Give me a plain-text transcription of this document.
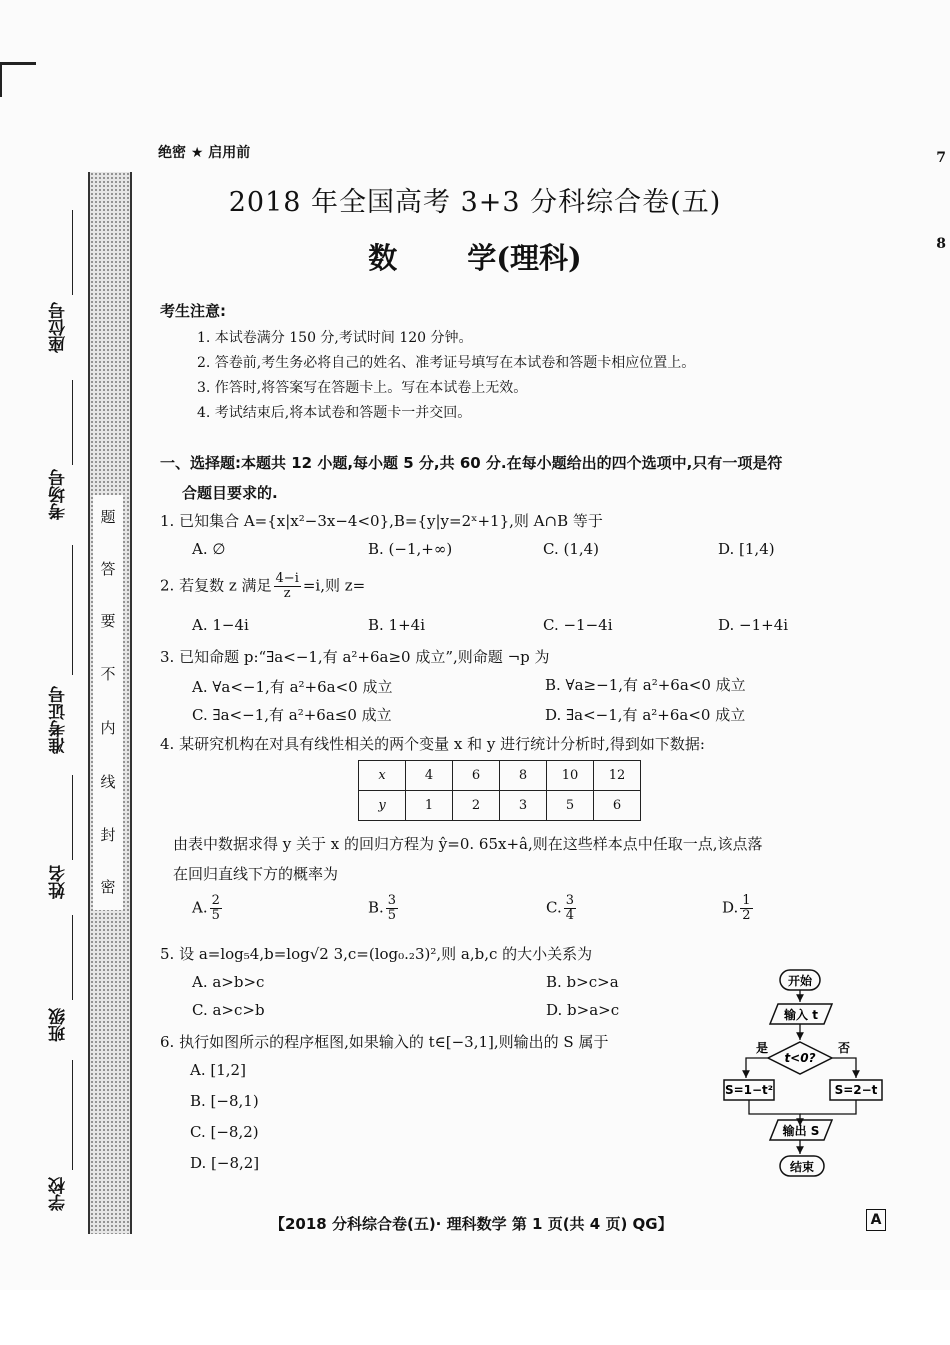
7
8
题
答
要
不
内
线
封
密
座位号
考场号
准考证号
姓名
班级
学校
绝密 ★ 启用前
2018 年全国高考 3+3 分科综合卷(五)
数 学(理科)
考生注意:
1. 本试卷满分 150 分,考试时间 120 分钟。
2. 答卷前,考生务必将自己的姓名、准考证号填写在本试卷和答题卡相应位置上。
3. 作答时,将答案写在答题卡上。写在本试卷上无效。
4. 考试结束后,将本试卷和答题卡一并交回。
一、选择题:本题共 12 小题,每小题 5 分,共 60 分.在每小题给出的四个选项中,只有一项是符
合题目要求的.
1. 已知集合 A={x|x²−3x−4<0},B={y|y=2ˣ+1},则 A∩B 等于
A. ∅	B. (−1,+∞)	C. (1,4)	D. [1,4)
2. 若复数 z 满足 $\frac{4-i}{z} =i$,则 z=
A. 1−4i	B. 1+4i	C. −1−4i	D. −1+4i
3. 已知命题 p:“∃a<−1,有 a²+6a≥0 成立”,则命题 ¬p 为
A. ∀a<−1,有 a²+6a<0 成立	B. ∀a≥−1,有 a²+6a<0 成立
C. ∃a<−1,有 a²+6a≤0 成立	D. ∃a<−1,有 a²+6a<0 成立
4. 某研究机构在对具有线性相关的两个变量 x 和 y 进行统计分析时,得到如下数据:
x	4	6	8	10	12
y	1	2	3	5	6
由表中数据求得 y 关于 x 的回归方程为 ŷ=0. 65x+â,则在这些样本点中任取一点,该点落
在回归直线下方的概率为
A. $\frac{2}{5}$	B. $\frac{3}{5}$	C. $\frac{3}{4}$	D. $\frac{1}{2}$
5. 设 a=log₅4,b=log√2 3,c=(log₀.₂3)²,则 a,b,c 的大小关系为
A. a>b>c	B. b>c>a
C. a>c>b	D. b>a>c
6. 执行如图所示的程序框图,如果输入的 t∈[−3,1],则输出的 S 属于
A. [1,2]
B. [−8,1)
C. [−8,2)
D. [−8,2]
开始
输入 t
t<0?
是	否
S=1−t²	S=2−t
输出 S
结束
【2018 分科综合卷(五)· 理科数学 第 1 页(共 4 页) QG】	A
